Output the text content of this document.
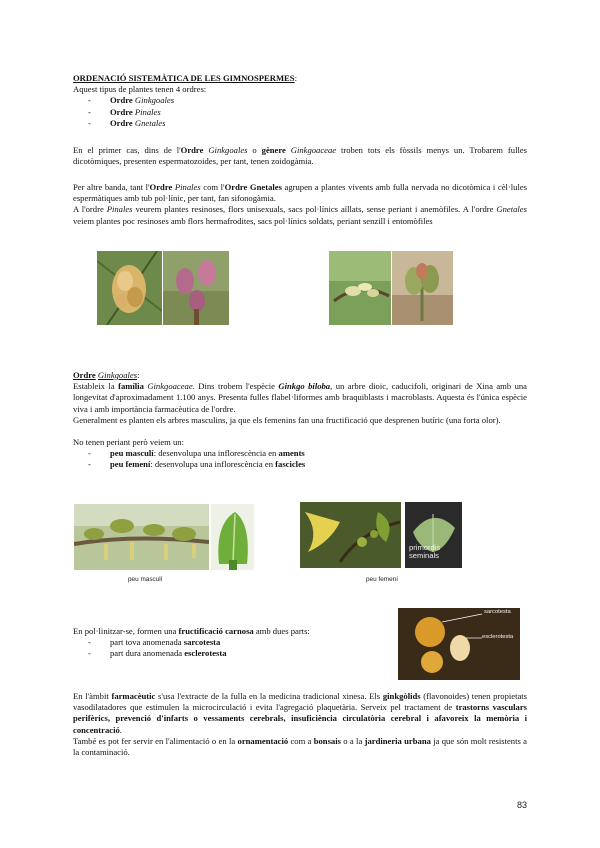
ORDENACIÓ SISTEMÀTICA DE LES GIMNOSPERMES:
Aquest tipus de plantes tenen 4 ordres:
- Ordre Ginkgoales
- Ordre Pinales
- Ordre Gnetales
En el primer cas, dins de l'Ordre Ginkgoales o gènere Ginkgoaceae troben tots els fòssils menys un. Trobarem fulles dicotòmiques, presenten espermatozoides, per tant, tenen zoidogàmia.
Per altre banda, tant l'Ordre Pinales com l'Ordre Gnetales agrupen a plantes vivents amb fulla nervada no dicotòmica i cèl·lules espermàtiques amb tub pol·línic, per tant, fan sifonogàmia.
A l'ordre Pinales veurem plantes resinoses, flors unisexuals, sacs pol·línics aïllats, sense periant i anemòfiles. A l'ordre Gnetales veiem plantes poc resinoses amb flors hermafrodites, sacs pol·línics soldats, periant senzill i entomòfiles
Ordre Ginkgoales:
Estableix la família Ginkgoaceae. Dins trobem l'espècie Ginkgo biloba, un arbre dioic, caducifoli, originari de Xina amb una longevitat d'aproximadament 1.100 anys. Presenta fulles flabel·liformes amb braquiblasts i macroblasts. Aquesta és l'única espècie viva i amb importància farmacèutica de l'ordre.
Generalment es planten els arbres masculins, ja que els femenins fan una fructificació que desprenen butíric (una forta olor).
No tenen periant però veiem un:
- peu masculí: desenvolupa una inflorescència en aments
- peu femení: desenvolupa una inflorescència en fascicles
primordis seminals
peu masculí	peu femení
En pol·linitzar-se, formen una fructificació carnosa amb dues parts:
- part tova anomenada sarcotesta
- part dura anomenada esclerotesta
sarcotesta
esclerotesta
En l'àmbit farmacèutic s'usa l'extracte de la fulla en la medicina tradicional xinesa. Els ginkgòlids (flavonoides) tenen propietats vasodilatadores que estimulen la microcirculació i evita l'agregació plaquetària. Serveix pel tractament de trastorns vasculars perifèrics, prevenció d'infarts o vessaments cerebrals, insuficiència circulatòria cerebral i afavoreix la memòria i concentració.
També es pot fer servir en l'alimentació o en la ornamentació com a bonsais o a la jardineria urbana ja que són molt resistents a la contaminació.
83
